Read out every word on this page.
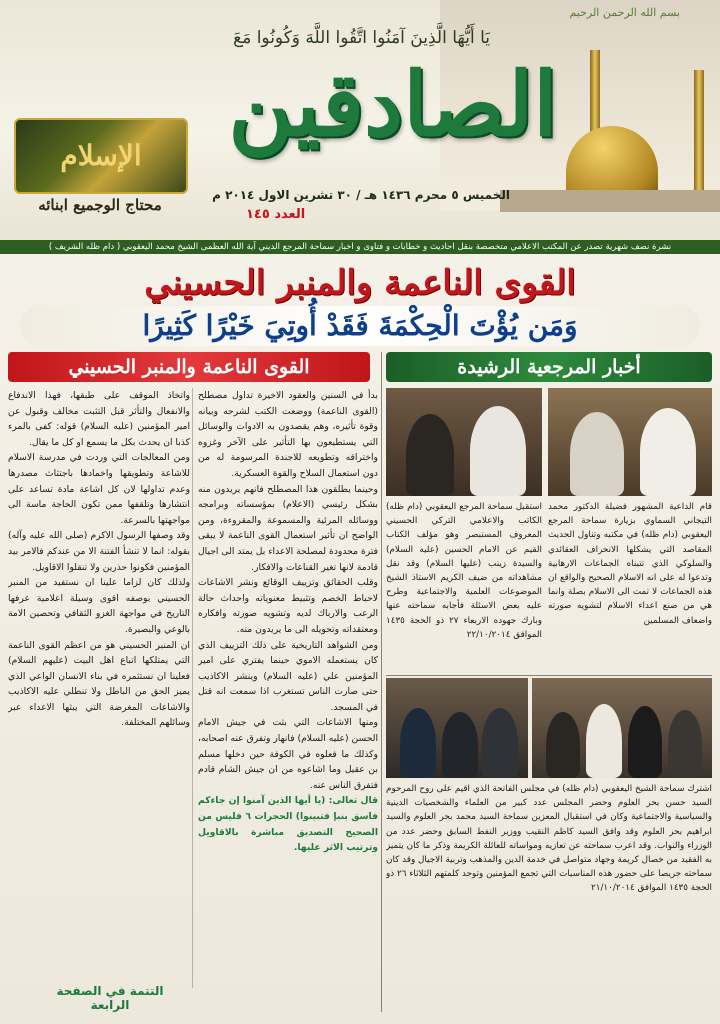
بسم الله الرحمن الرحيم
يَا أَيُّهَا الَّذِينَ آمَنُوا اتَّقُوا اللَّهَ وَكُونُوا مَعَ
الصادقين
الخميس ٥ محرم ١٤٣٦ هـ / ٣٠ تشرين الاول ٢٠١٤ م
العدد ١٤٥
الإسلام
محتاج الوجميع ابنائه
نشرة نصف شهرية تصدر عن المكتب الاعلامي متخصصة بنقل احاديث و خطابات و فتاوى و اخبار سماحة المرجع الديني آية الله العظمى الشيخ محمد اليعقوبي ( دام ظله الشريف )
القوى الناعمة والمنبر الحسيني
وَمَن يُؤْتَ الْحِكْمَةَ فَقَدْ أُوتِيَ خَيْرًا كَثِيرًا
القوى الناعمة والمنبر الحسيني

بدأ في السنين والعقود الاخيرة تداول مصطلح (القوى الناعمة) ووضعت الكتب لشرحه وبيانه وقوة تأثيره، وهم يقصدون به الادوات والوسائل التي يستطيعون بها التأثير على الآخر وغزوه واختراقه وتطويعه للاجندة المرسومة له من دون استعمال السلاح والقوة العسكرية.

وحينما يطلقون هذا المصطلح فانهم يريدون منه بشكل رئيسي (الاعلام) بمؤسساته وبرامجه ووسائله المرئية والمسموعة والمقروءة، ومن الواضح ان تأثير استعمال القوى الناعمة لا يبقى فترة محدودة لمصلحة الاعداء بل يمتد الى اجيال قادمة لانها تغير القناعات والافكار.

وقلب الحقائق وتزييف الوقائع ونشر الاشاعات لاحباط الخصم وتثبيط معنوياته واحداث حالة الرعب والارباك لديه وتشويه صورته وافكاره ومعتقداته وتحويله الى ما يريدون منه.

ومن الشواهد التاريخية على ذلك التزييف الذي كان يستعمله الاموي حينما يفتري على امير المؤمنين علي (عليه السلام) وينشر الاكاذيب حتى صارت الناس تستغرب اذا سمعت انه قتل في المسجد.

ومنها الاشاعات التي بثت في جيش الامام الحسن (عليه السلام) فانهار وتفرق عنه اصحابه، وكذلك ما فعلوه في الكوفة حين دخلها مسلم بن عقيل وما اشاعوه من ان جيش الشام قادم فتفرق الناس عنه.

قال تعالى: (يا أيها الذين آمنوا إن جاءكم فاسق بنبإ فتبينوا) الحجرات ٦ فليس من الصحيح التصديق مباشرة بالاقاويل وترتيب الاثر عليها.

واتخاذ الموقف على طبقها، فهذا الاندفاع والانفعال والتأثر قبل التثبت مخالف وقبول عن امير المؤمنين (عليه السلام) قوله: كفى بالمرء كذبا ان يحدث بكل ما يسمع او كل ما يقال.

ومن المعالجات التي وردت في مدرسة الاسلام للاشاعة وتطويقها واخمادها باجتثاث مصدرها وعدم تداولها لان كل اشاعة مادة تساعد على انتشارها وتلقفها ممن تكون الحاجة ماسة الى مواجهتها بالسرعة.

وقد وصفها الرسول الاكرم (صلى الله عليه وآله) بقوله: انما لا تنشأ الفتنة الا من عندكم فالامر بيد المؤمنين فكونوا حذرين ولا تنقلوا الاقاويل.

ولذلك كان لزاما علينا ان نستفيد من المنبر الحسيني بوصفه اقوى وسيلة اعلامية عرفها التاريخ في مواجهة الغزو الثقافي وتحصين الامة بالوعي والبصيرة.

ان المنبر الحسيني هو من اعظم القوى الناعمة التي يمتلكها اتباع اهل البيت (عليهم السلام) فعلينا ان نستثمره في بناء الانسان الواعي الذي يميز الحق من الباطل ولا تنطلي عليه الاكاذيب والاشاعات المغرضة التي يبثها الاعداء عبر وسائلهم المختلفة.

التتمة في الصفحة الرابعة
أخبار المرجعية الرشيدة
استقبل سماحة المرجع اليعقوبي (دام ظله) الكاتب والاعلامي التركي الحسيني المعروف المستبصر وهو مؤلف الكتاب القيم عن الامام الحسين (عليه السلام) والسيدة زينب (عليها السلام) وقد نقل مشاهداته من ضيف الكريم الاستاذ الشيخ الموضوعات العلمية والاجتماعية وطرح عليه بعض الاسئلة فأجابه سماحته عنها وبارك جهوده الاربعاء ٢٧ ذو الحجة ١٤٣٥ الموافق ٢٢/١٠/٢٠١٤
قام الداعية المشهور فضيلة الدكتور محمد التيجاني السماوي بزيارة سماحة المرجع اليعقوبي (دام ظله) في مكتبه وتناول الحديث المقاصد التي يشكلها الانحراف العقائدي والسلوكي الذي تتبناه الجماعات الارهابية وتدعوا له على انه الاسلام الصحيح والواقع ان هذه الجماعات لا تمت الى الاسلام بصلة وانما هي من صنع اعداء الاسلام لتشويه صورته واضعاف المسلمين
اشترك سماحة الشيخ اليعقوبي (دام ظله) في مجلس الفاتحة الذي اقيم على روح المرحوم السيد حسن بحر العلوم وحضر المجلس عدد كبير من العلماء والشخصيات الدينية والسياسية والاجتماعية وكان في استقبال المعزين سماحة السيد محمد بحر العلوم والسيد ابراهيم بحر العلوم وقد وافق السيد كاظم النقيب ووزير النفط السابق وحضر عدد من الوزراء والنواب. وقد اعرب سماحته عن تعازيه ومواساته للعائلة الكريمة وذكر ما كان يتميز به الفقيد من خصال كريمة وجهاد متواصل في خدمة الدين والمذهب وتربية الاجيال وقد كان سماحته حريصا على حضور هذه المناسبات التي تجمع المؤمنين وتوحد كلمتهم الثلاثاء ٢٦ ذو الحجة ١٤٣٥ الموافق ٢١/١٠/٢٠١٤
